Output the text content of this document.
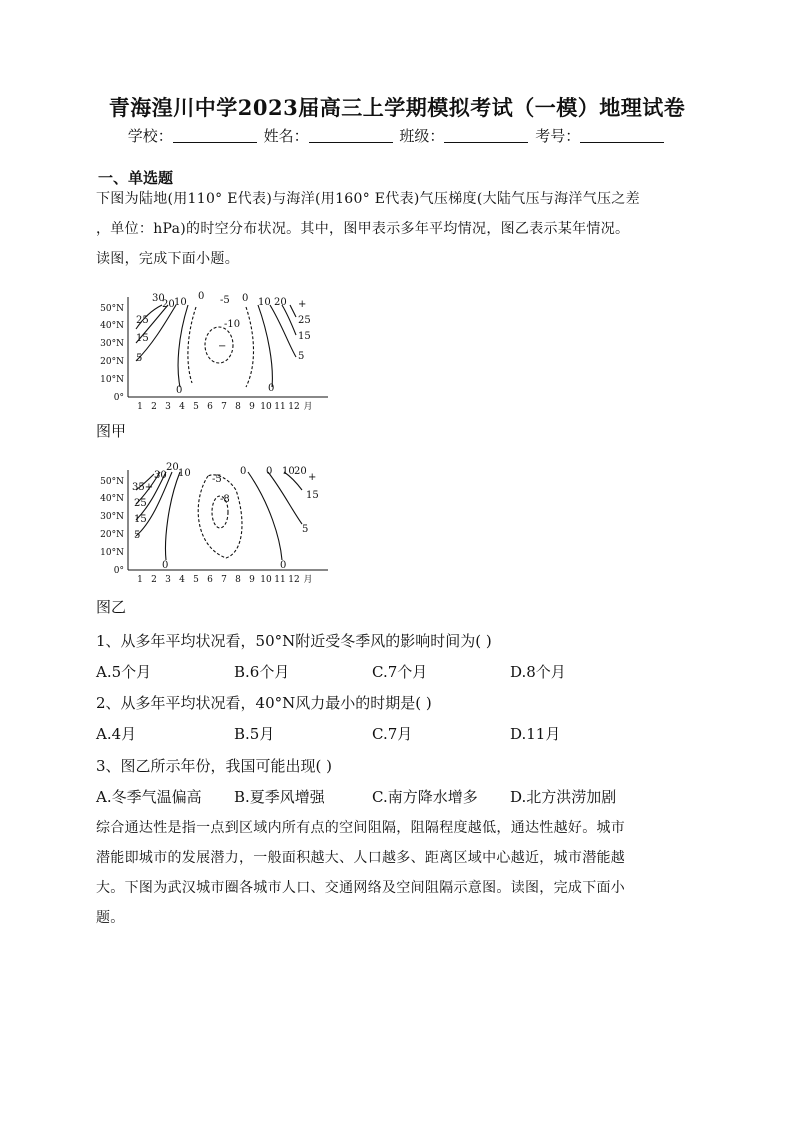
青海湟川中学2023届高三上学期模拟考试（一模）地理试卷
学校：	姓名：	班级：	考号：
一、单选题
下图为陆地(用110° E代表)与海洋(用160° E代表)气压梯度(大陆气压与海洋气压之差
，单位：hPa)的时空分布状况。其中，图甲表示多年平均情况，图乙表示某年情况。
读图，完成下面小题。
50°N
40°N
30°N
20°N
10°N
0°
1 2 3 4 5 6 7 8 9 10 11 12 月
30
20 10
0 -5 0 10 20 +
25
15
5
25
15
5
-10
−
0	0
图甲
50°N
40°N
30°N
20°N
10°N
0°
1 2 3 4 5 6 7 8 9 10 11 12 月
20
30 10	0
35+
25
15
5
-5
-8
0 10 20
+
15
5
0	0
图乙
1、从多年平均状况看，50°N附近受冬季风的影响时间为( )
A.5个月	B.6个月	C.7个月	D.8个月
2、从多年平均状况看，40°N风力最小的时期是( )
A.4月	B.5月	C.7月	D.11月
3、图乙所示年份，我国可能出现( )
A.冬季气温偏高 B.夏季风增强	C.南方降水增多 D.北方洪涝加剧
综合通达性是指一点到区域内所有点的空间阻隔，阻隔程度越低，通达性越好。城市
潜能即城市的发展潜力，一般面积越大、人口越多、距离区域中心越近，城市潜能越
大。下图为武汉城市圈各城市人口、交通网络及空间阻隔示意图。读图，完成下面小
题。
